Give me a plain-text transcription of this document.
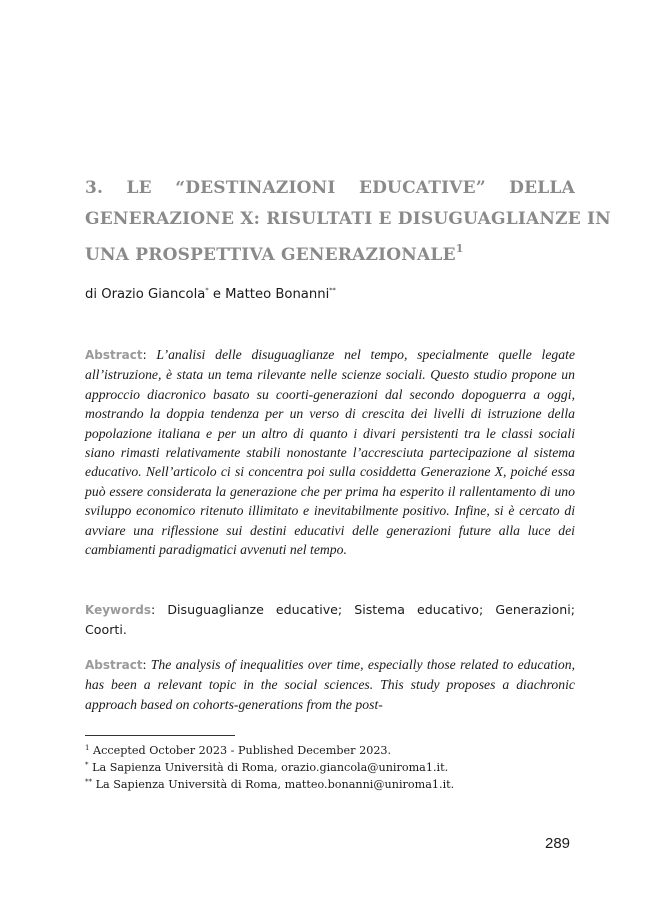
3. LE “DESTINAZIONI EDUCATIVE” DELLA
GENERAZIONE X: RISULTATI E DISUGUAGLIANZE IN
UNA PROSPETTIVA GENERAZIONALE$^1$
di Orazio Giancola* e Matteo Bonanni**
Abstract: L’analisi delle disuguaglianze nel tempo, specialmente quelle legate all’istruzione, è stata un tema rilevante nelle scienze sociali. Questo studio propone un approccio diacronico basato su coorti-generazioni dal secondo dopoguerra a oggi, mostrando la doppia tendenza per un verso di crescita dei livelli di istruzione della popolazione italiana e per un altro di quanto i divari persistenti tra le classi sociali siano rimasti relativamente stabili nonostante l’accresciuta partecipazione al sistema educativo. Nell’articolo ci si concentra poi sulla cosiddetta Generazione X, poiché essa può essere considerata la generazione che per prima ha esperito il rallentamento di uno sviluppo economico ritenuto illimitato e inevitabilmente positivo. Infine, si è cercato di avviare una riflessione sui destini educativi delle generazioni future alla luce dei cambiamenti paradigmatici avvenuti nel tempo.
Keywords: Disuguaglianze educative; Sistema educativo; Generazioni; Coorti.
Abstract: The analysis of inequalities over time, especially those related to education, has been a relevant topic in the social sciences. This study proposes a diachronic approach based on cohorts-generations from the post-
$^1$ Accepted October 2023 - Published December 2023.
* La Sapienza Università di Roma, orazio.giancola@uniroma1.it.
** La Sapienza Università di Roma, matteo.bonanni@uniroma1.it.
289
